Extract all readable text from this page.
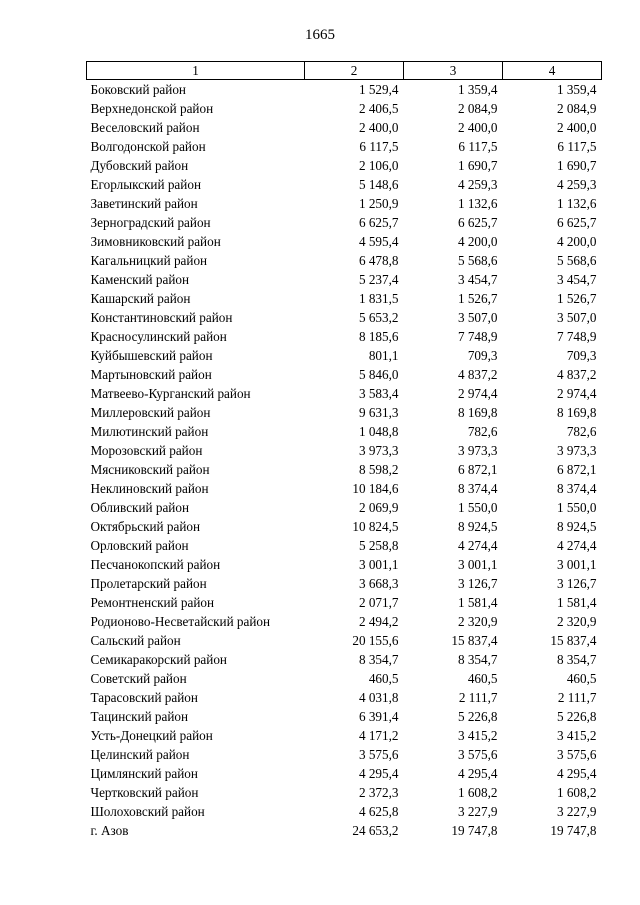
1665
1	2	3	4
Боковский район	1 529,4	1 359,4	1 359,4
Верхнедонской район	2 406,5	2 084,9	2 084,9
Веселовский район	2 400,0	2 400,0	2 400,0
Волгодонской район	6 117,5	6 117,5	6 117,5
Дубовский район	2 106,0	1 690,7	1 690,7
Егорлыкский район	5 148,6	4 259,3	4 259,3
Заветинский район	1 250,9	1 132,6	1 132,6
Зерноградский район	6 625,7	6 625,7	6 625,7
Зимовниковский район	4 595,4	4 200,0	4 200,0
Кагальницкий район	6 478,8	5 568,6	5 568,6
Каменский район	5 237,4	3 454,7	3 454,7
Кашарский район	1 831,5	1 526,7	1 526,7
Константиновский район	5 653,2	3 507,0	3 507,0
Красносулинский район	8 185,6	7 748,9	7 748,9
Куйбышевский район	801,1	709,3	709,3
Мартыновский район	5 846,0	4 837,2	4 837,2
Матвеево-Курганский район	3 583,4	2 974,4	2 974,4
Миллеровский район	9 631,3	8 169,8	8 169,8
Милютинский район	1 048,8	782,6	782,6
Морозовский район	3 973,3	3 973,3	3 973,3
Мясниковский район	8 598,2	6 872,1	6 872,1
Неклиновский район	10 184,6	8 374,4	8 374,4
Обливский район	2 069,9	1 550,0	1 550,0
Октябрьский район	10 824,5	8 924,5	8 924,5
Орловский район	5 258,8	4 274,4	4 274,4
Песчанокопский район	3 001,1	3 001,1	3 001,1
Пролетарский район	3 668,3	3 126,7	3 126,7
Ремонтненский район	2 071,7	1 581,4	1 581,4
Родионово-Несветайский район	2 494,2	2 320,9	2 320,9
Сальский район	20 155,6	15 837,4	15 837,4
Семикаракорский район	8 354,7	8 354,7	8 354,7
Советский район	460,5	460,5	460,5
Тарасовский район	4 031,8	2 111,7	2 111,7
Тацинский район	6 391,4	5 226,8	5 226,8
Усть-Донецкий район	4 171,2	3 415,2	3 415,2
Целинский район	3 575,6	3 575,6	3 575,6
Цимлянский район	4 295,4	4 295,4	4 295,4
Чертковский район	2 372,3	1 608,2	1 608,2
Шолоховский район	4 625,8	3 227,9	3 227,9
г. Азов	24 653,2	19 747,8	19 747,8
